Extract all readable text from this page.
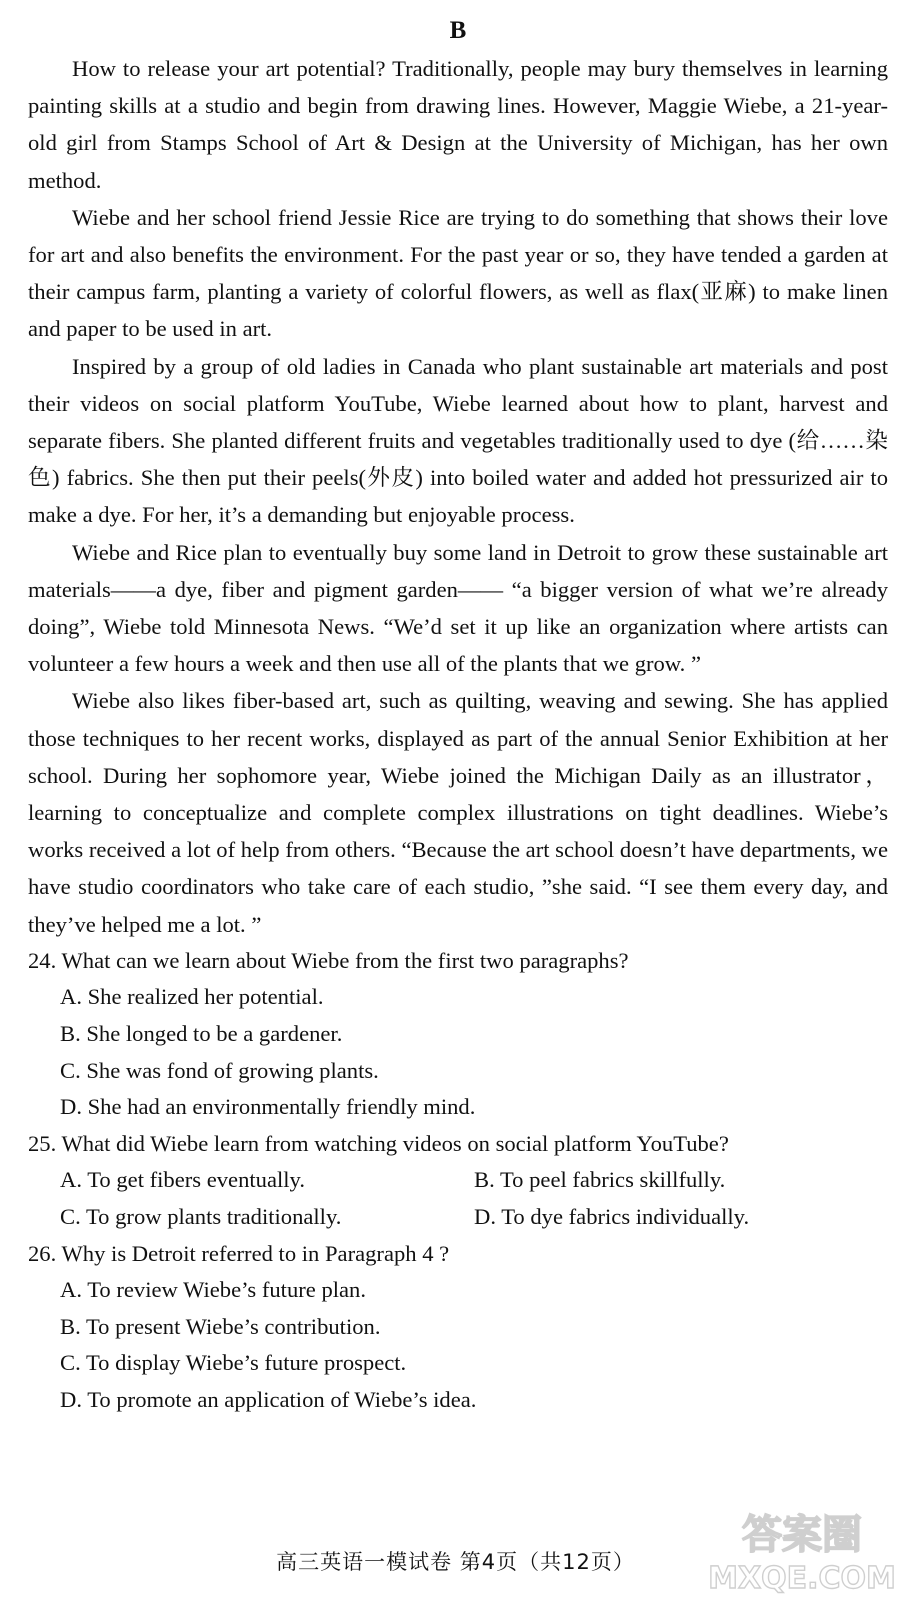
B

How to release your art potential? Traditionally, people may bury themselves in learning painting skills at a studio and begin from drawing lines. However, Maggie Wiebe, a 21-year-old girl from Stamps School of Art & Design at the University of Michigan, has her own method.

Wiebe and her school friend Jessie Rice are trying to do something that shows their love for art and also benefits the environment. For the past year or so, they have tended a garden at their campus farm, planting a variety of colorful flowers, as well as flax(亚麻) to make linen and paper to be used in art.

Inspired by a group of old ladies in Canada who plant sustainable art materials and post their videos on social platform YouTube, Wiebe learned about how to plant, harvest and separate fibers. She planted different fruits and vegetables traditionally used to dye (给……染色) fabrics. She then put their peels(外皮) into boiled water and added hot pressurized air to make a dye. For her, it’s a demanding but enjoyable process.

Wiebe and Rice plan to eventually buy some land in Detroit to grow these sustainable art materials——a dye, fiber and pigment garden—— “a bigger version of what we’re already doing”, Wiebe told Minnesota News. “We’d set it up like an organization where artists can volunteer a few hours a week and then use all of the plants that we grow. ”

Wiebe also likes fiber-based art, such as quilting, weaving and sewing. She has applied those techniques to her recent works, displayed as part of the annual Senior Exhibition at her school. During her sophomore year, Wiebe joined the Michigan Daily as an illustrator， learning to conceptualize and complete complex illustrations on tight deadlines. Wiebe’s works received a lot of help from others. “Because the art school doesn’t have departments, we have studio coordinators who take care of each studio, ”she said. “I see them every day, and they’ve helped me a lot. ”

24. What can we learn about Wiebe from the first two paragraphs?

A. She realized her potential.

B. She longed to be a gardener.

C. She was fond of growing plants.

D. She had an environmentally friendly mind.

25. What did Wiebe learn from watching videos on social platform YouTube?

A. To get fibers eventually.	B. To peel fabrics skillfully.
C. To grow plants traditionally.	D. To dye fabrics individually.

26. Why is Detroit referred to in Paragraph 4 ?

A. To review Wiebe’s future plan.

B. To present Wiebe’s contribution.

C. To display Wiebe’s future prospect.

D. To promote an application of Wiebe’s idea.

高三英语一模试卷 第4页（共12页）
答案圈
MXQE.COM
